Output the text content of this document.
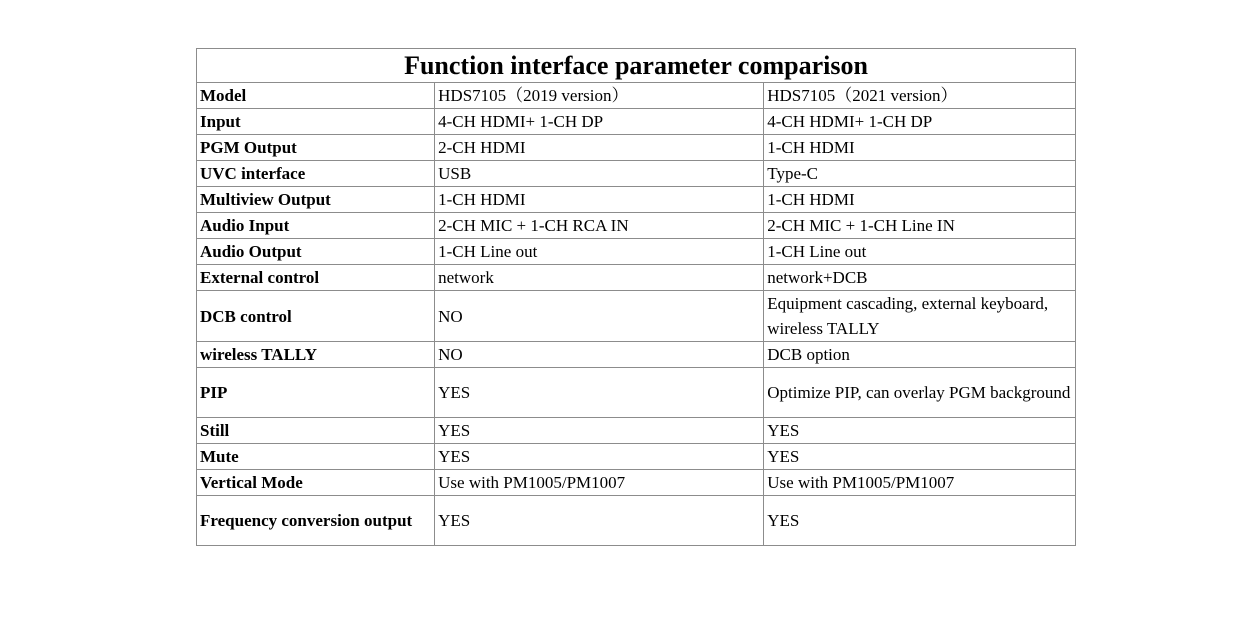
Function interface parameter comparison		
Model	HDS7105（2019 version）	HDS7105（2021 version）
Input	4-CH HDMI+ 1-CH DP	4-CH HDMI+ 1-CH DP
PGM Output	2-CH HDMI	1-CH HDMI
UVC interface	USB	Type-C
Multiview Output	1-CH HDMI	1-CH HDMI
Audio Input	2-CH MIC + 1-CH RCA IN	2-CH MIC + 1-CH Line IN
Audio Output	1-CH Line out	1-CH Line out
External control	network	network+DCB
DCB control	NO	Equipment cascading, external keyboard, wireless TALLY
wireless TALLY	NO	DCB option
PIP	YES	Optimize PIP, can overlay PGM background
Still	YES	YES
Mute	YES	YES
Vertical Mode	Use with PM1005/PM1007	Use with PM1005/PM1007
Frequency conversion output	YES	YES
